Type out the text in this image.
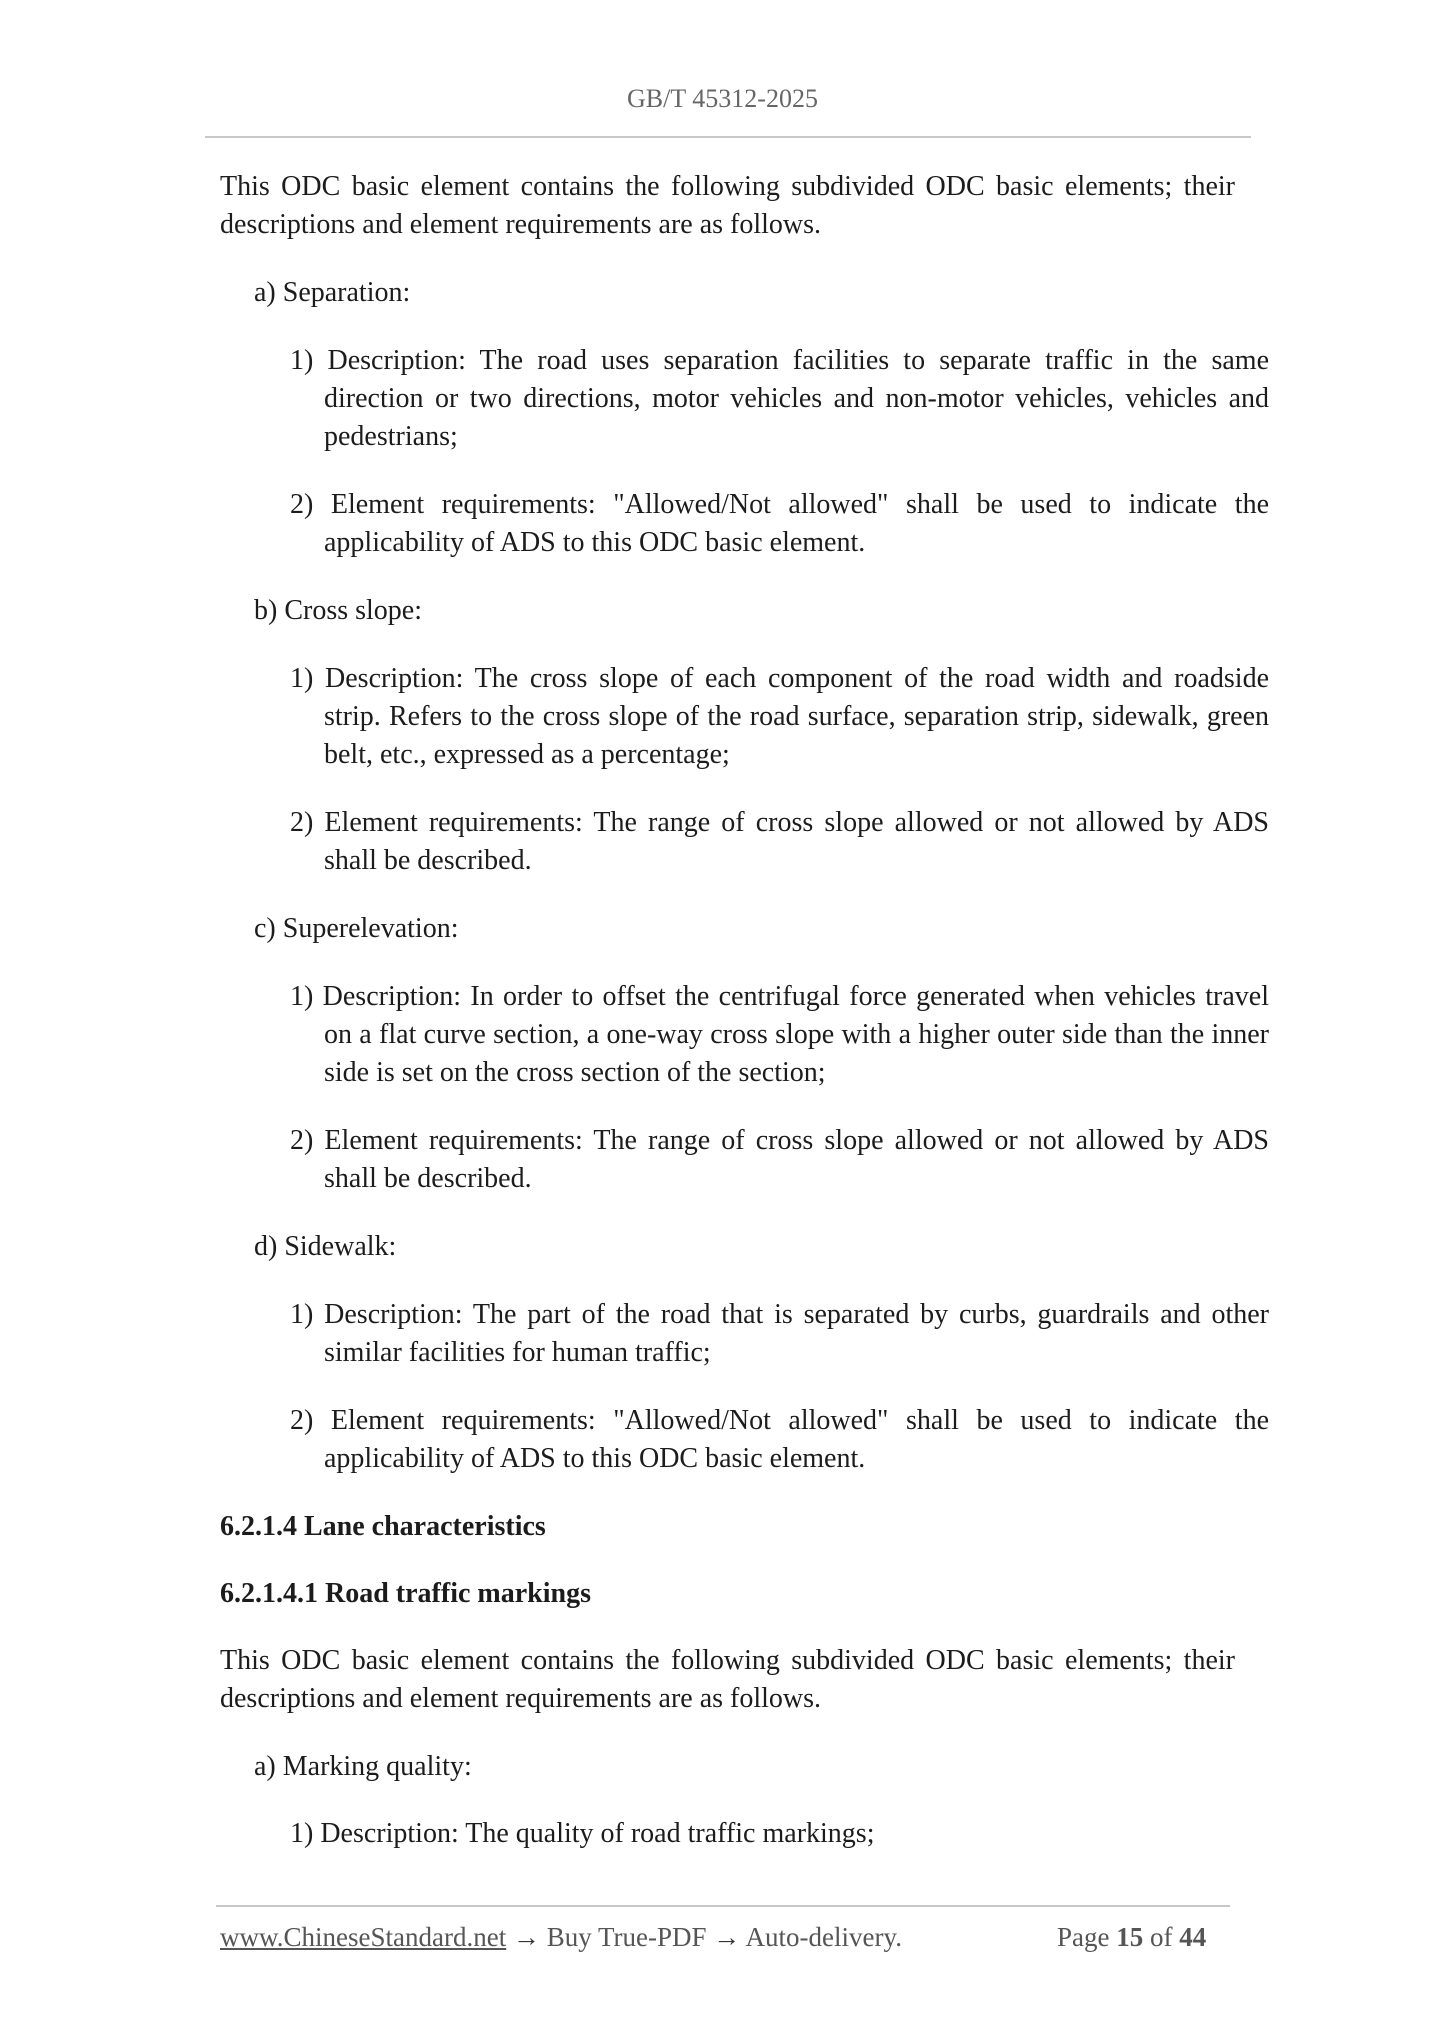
GB/T 45312-2025

This ODC basic element contains the following subdivided ODC basic elements; their descriptions and element requirements are as follows.

a) Separation:

1) Description: The road uses separation facilities to separate traffic in the same direction or two directions, motor vehicles and non-motor vehicles, vehicles and pedestrians;

2) Element requirements: "Allowed/Not allowed" shall be used to indicate the applicability of ADS to this ODC basic element.

b) Cross slope:

1) Description: The cross slope of each component of the road width and roadside strip. Refers to the cross slope of the road surface, separation strip, sidewalk, green belt, etc., expressed as a percentage;

2) Element requirements: The range of cross slope allowed or not allowed by ADS shall be described.

c) Superelevation:

1) Description: In order to offset the centrifugal force generated when vehicles travel on a flat curve section, a one-way cross slope with a higher outer side than the inner side is set on the cross section of the section;

2) Element requirements: The range of cross slope allowed or not allowed by ADS shall be described.

d) Sidewalk:

1) Description: The part of the road that is separated by curbs, guardrails and other similar facilities for human traffic;

2) Element requirements: "Allowed/Not allowed" shall be used to indicate the applicability of ADS to this ODC basic element.

6.2.1.4 Lane characteristics

6.2.1.4.1 Road traffic markings

This ODC basic element contains the following subdivided ODC basic elements; their descriptions and element requirements are as follows.

a) Marking quality:

1) Description: The quality of road traffic markings;

www.ChineseStandard.net → Buy True-PDF → Auto-delivery.	Page 15 of 44
